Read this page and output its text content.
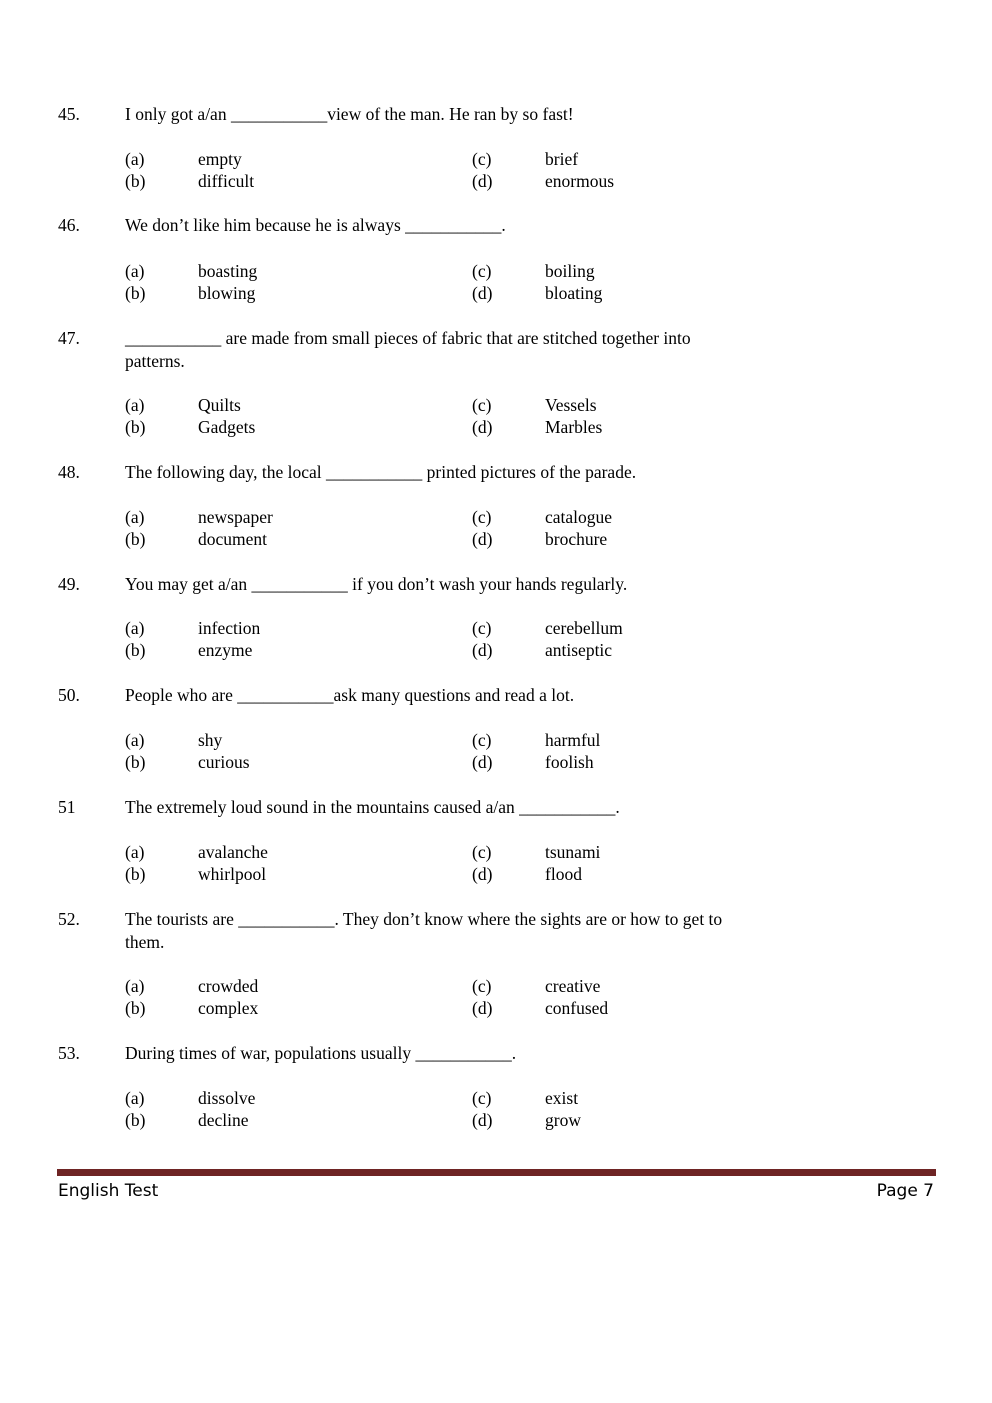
45.	I only got a/an ___________view of the man. He ran by so fast!
(a)	empty
(b)	difficult
(c)	brief
(d)	enormous
46.	We don’t like him because he is always ___________.
(a)	boasting
(b)	blowing
(c)	boiling
(d)	bloating
47.	___________ are made from small pieces of fabric that are stitched together into patterns.
(a)	Quilts
(b)	Gadgets
(c)	Vessels
(d)	Marbles
48.	The following day, the local ___________ printed pictures of the parade.
(a)	newspaper
(b)	document
(c)	catalogue
(d)	brochure
49.	You may get a/an ___________ if you don’t wash your hands regularly.
(a)	infection
(b)	enzyme
(c)	cerebellum
(d)	antiseptic
50.	People who are ___________ask many questions and read a lot.
(a)	shy
(b)	curious
(c)	harmful
(d)	foolish
51	The extremely loud sound in the mountains caused a/an ___________.
(a)	avalanche
(b)	whirlpool
(c)	tsunami
(d)	flood
52.	The tourists are ___________. They don’t know where the sights are or how to get to them.
(a)	crowded
(b)	complex
(c)	creative
(d)	confused
53.	During times of war, populations usually ___________.
(a)	dissolve
(b)	decline
(c)	exist
(d)	grow
English Test	Page 7
